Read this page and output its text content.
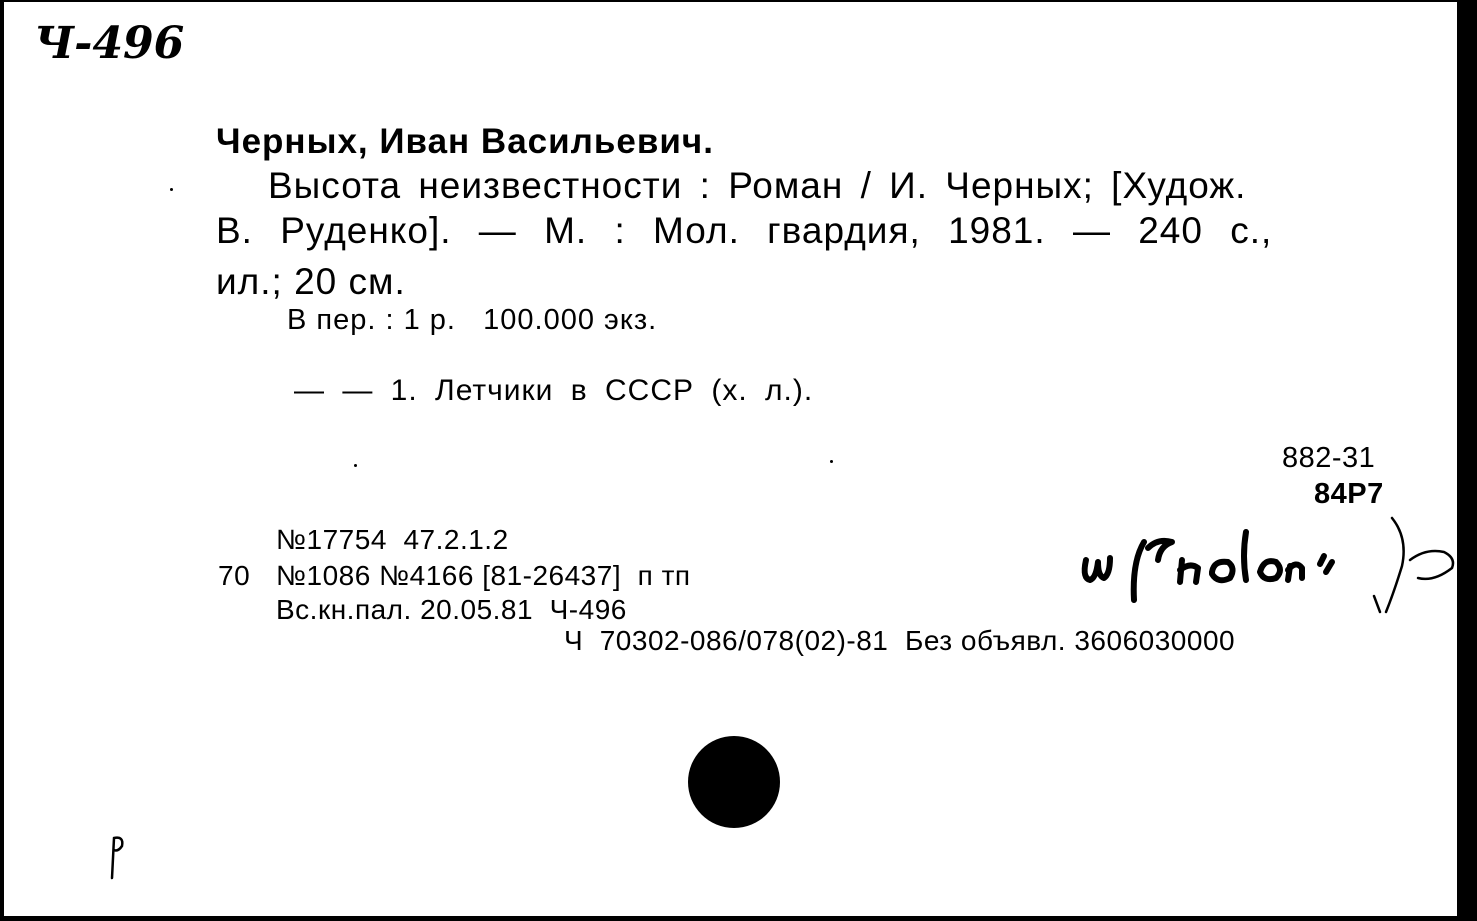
Ч-496
Черных, Иван Васильевич.
Высота неизвестности : Роман / И. Черных; [Худож.
В. Руденко]. — М. : Мол. гвардия, 1981. — 240 с.,
ил.; 20 см.
В пер. : 1 р.   100.000 экз.
— — 1. Летчики в СССР (х. л.).
882-31
84Р7
№17754  47.2.1.2
70 №1086 №4166 [81-26437]  п тп
Вс.кн.пал. 20.05.81  Ч-496
Ч  70302-086/078(02)-81  Без объявл. 3606030000
